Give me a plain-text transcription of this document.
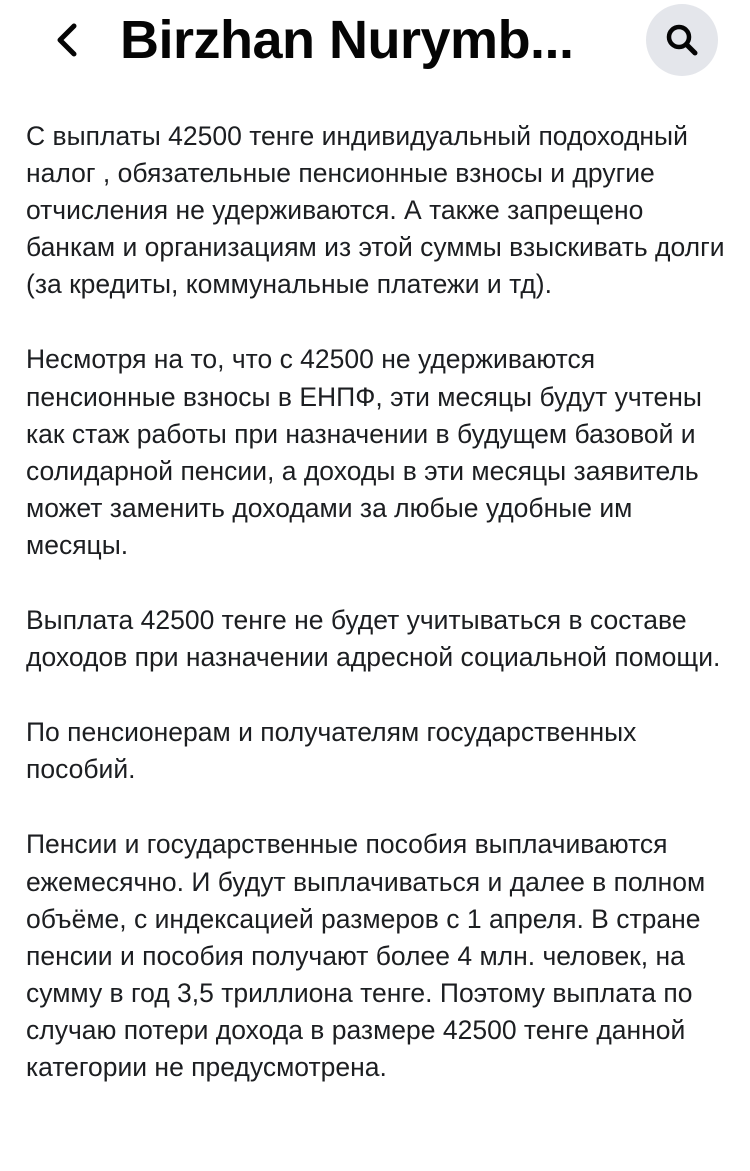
Birzhan Nurymb...

С выплаты 42500 тенге индивидуальный подоходный налог , обязательные пенсионные взносы и другие отчисления не удерживаются. А также запрещено банкам и организациям из этой суммы взыскивать долги (за кредиты, коммунальные платежи и тд).

Несмотря на то, что с 42500 не удерживаются пенсионные взносы в ЕНПФ, эти месяцы будут учтены как стаж работы при назначении в будущем базовой и солидарной пенсии, а доходы в эти месяцы заявитель может заменить доходами за любые удобные им месяцы.

Выплата 42500 тенге не будет учитываться в составе доходов при назначении адресной социальной помощи.

По пенсионерам и получателям государственных пособий.

Пенсии и государственные пособия выплачиваются ежемесячно. И будут выплачиваться и далее в полном объёме, с индексацией размеров с 1 апреля. В стране пенсии и пособия получают более 4 млн. человек, на сумму в год 3,5 триллиона тенге. Поэтому выплата по случаю потери дохода в размере 42500 тенге данной категории не предусмотрена.
